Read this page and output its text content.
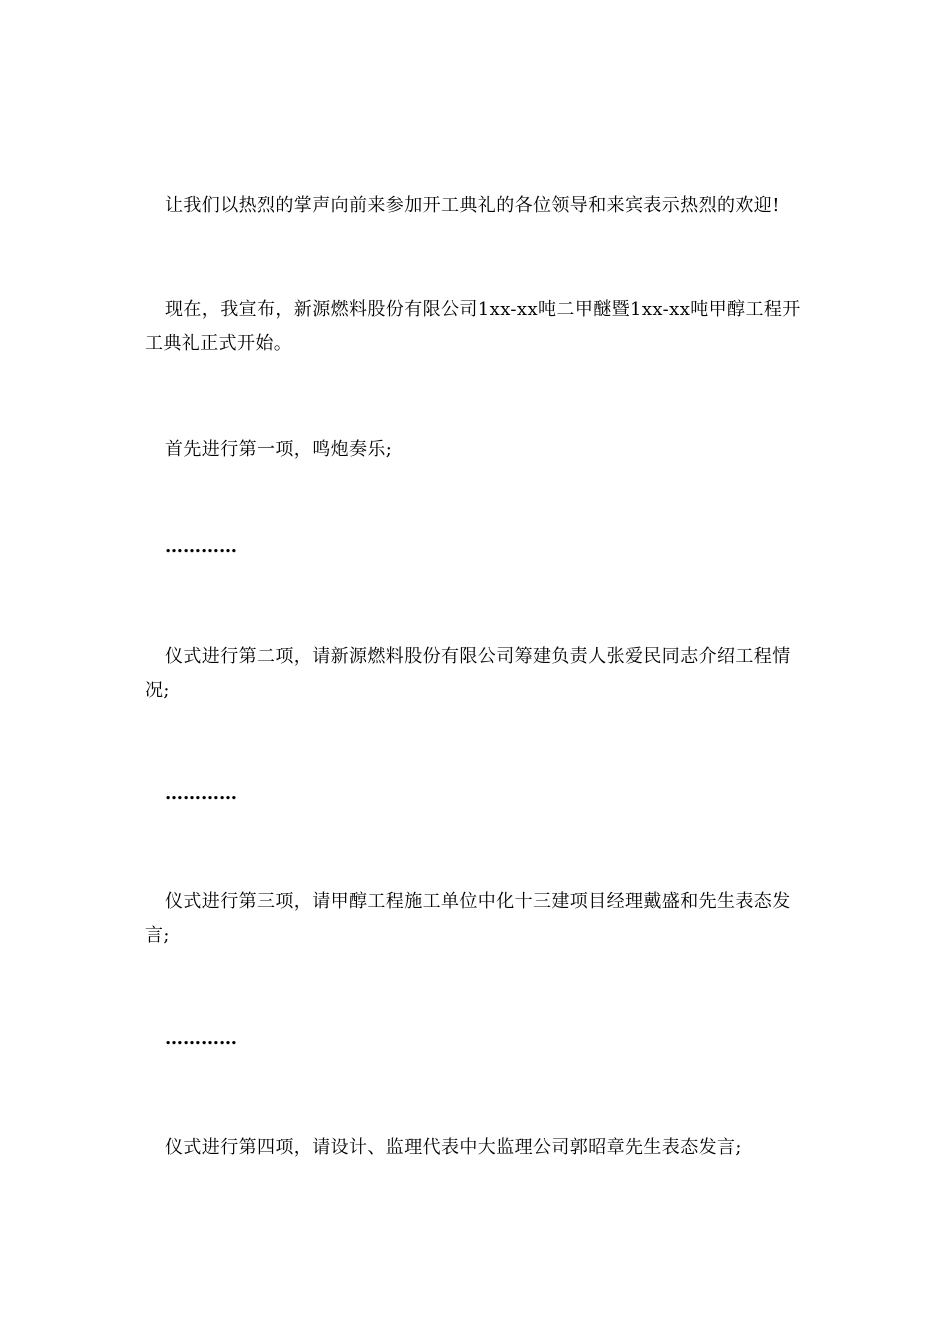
让我们以热烈的掌声向前来参加开工典礼的各位领导和来宾表示热烈的欢迎!
现在，我宣布，新源燃料股份有限公司1xx-xx吨二甲醚暨1xx-xx吨甲醇工程开工典礼正式开始。
首先进行第一项，鸣炮奏乐;
…………
仪式进行第二项，请新源燃料股份有限公司筹建负责人张爱民同志介绍工程情况;
…………
仪式进行第三项，请甲醇工程施工单位中化十三建项目经理戴盛和先生表态发言;
…………
仪式进行第四项，请设计、监理代表中大监理公司郭昭章先生表态发言;
